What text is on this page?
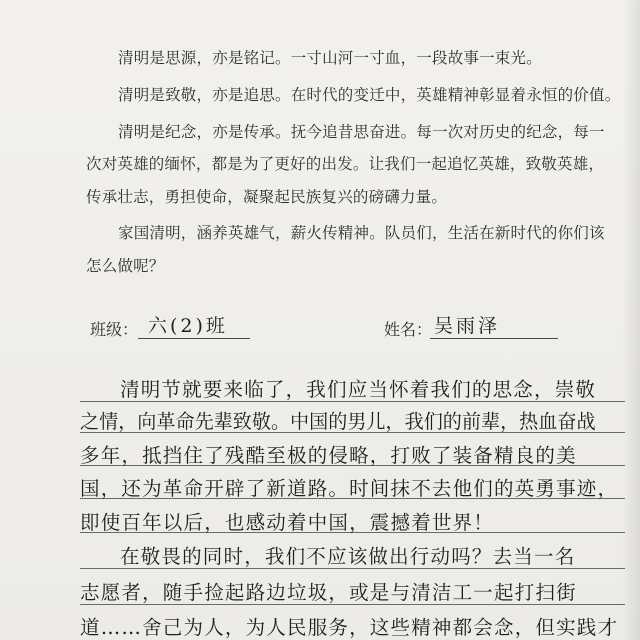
清明是思源，亦是铭记。一寸山河一寸血，一段故事一束光。
清明是致敬，亦是追思。在时代的变迁中，英雄精神彰显着永恒的价值。
清明是纪念，亦是传承。抚今追昔思奋进。每一次对历史的纪念，每一
次对英雄的缅怀，都是为了更好的出发。让我们一起追忆英雄，致敬英雄，
传承壮志，勇担使命，凝聚起民族复兴的磅礴力量。
家国清明，涵养英雄气，薪火传精神。队员们，生活在新时代的你们该
怎么做呢？
班级： 六(2)班	姓名： 吴雨泽
清明节就要来临了，我们应当怀着我们的思念，崇敬
之情，向革命先辈致敬。中国的男儿，我们的前辈，热血奋战
多年，抵挡住了残酷至极的侵略，打败了装备精良的美
国，还为革命开辟了新道路。时间抹不去他们的英勇事迹，
即使百年以后，也感动着中国，震撼着世界！
在敬畏的同时，我们不应该做出行动吗？去当一名
志愿者，随手捡起路边垃圾，或是与清洁工一起打扫街
道……舍己为人，为人民服务，这些精神都会念，但实践才
